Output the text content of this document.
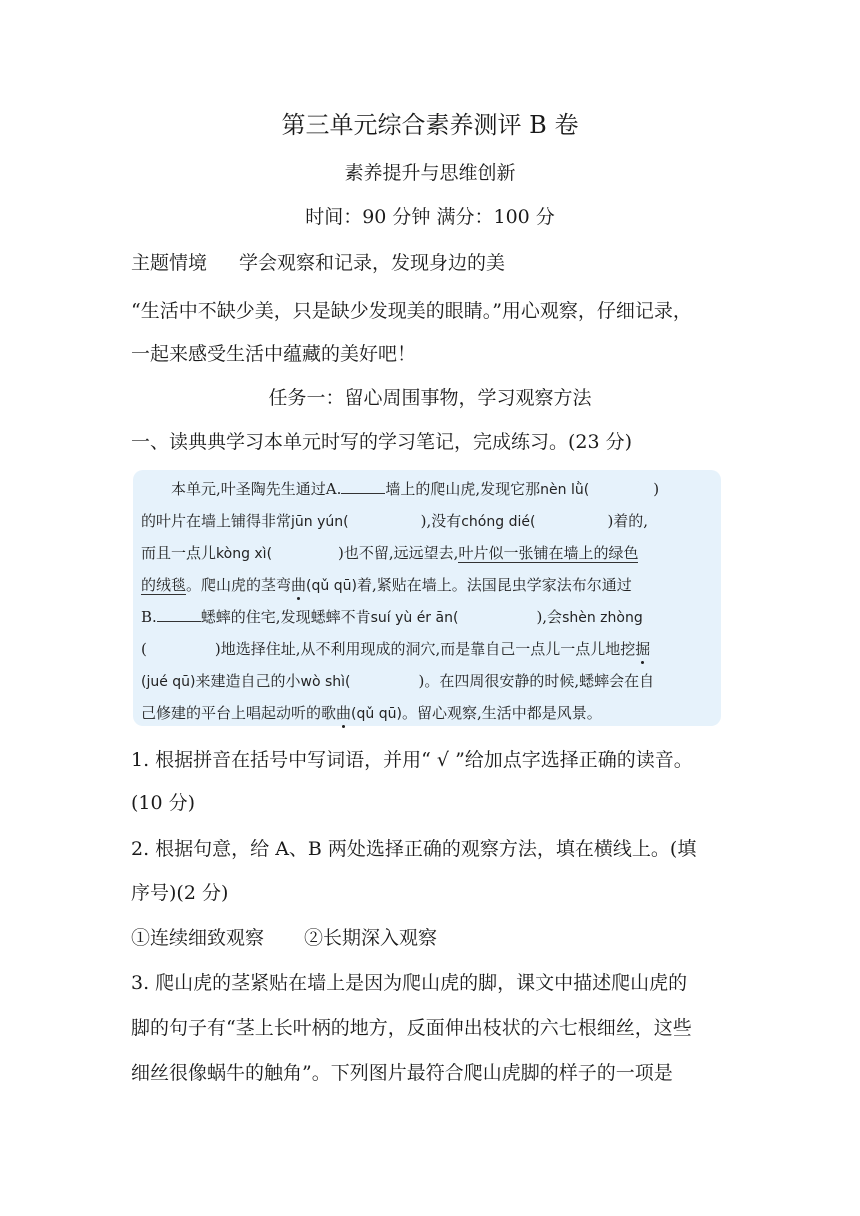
第三单元综合素养测评 B 卷
素养提升与思维创新
时间：90 分钟 满分：100 分
主题情境 学会观察和记录，发现身边的美
“生活中不缺少美，只是缺少发现美的眼睛。”用心观察，仔细记录，
一起来感受生活中蕴藏的美好吧！
任务一：留心周围事物，学习观察方法
一、读典典学习本单元时写的学习笔记，完成练习。(23 分)
本单元,叶圣陶先生通过A.	墙上的爬山虎,发现它那nèn lǜ(	)
的叶片在墙上铺得非常jūn yún(	),没有chóng dié(	)着的,
而且一点儿kòng xì(	)也不留,远远望去,叶片似一张铺在墙上的绿色
的绒毯。爬山虎的茎弯曲(qǔ qū)着,紧贴在墙上。法国昆虫学家法布尔通过
B.	蟋蟀的住宅,发现蟋蟀不肯suí yù ér ān(	),会shèn zhòng
(	)地选择住址,从不利用现成的洞穴,而是靠自己一点儿一点儿地挖掘
(jué qū)来建造自己的小wò shì(	)。在四周很安静的时候,蟋蟀会在自
己修建的平台上唱起动听的歌曲(qǔ qū)。留心观察,生活中都是风景。
1. 根据拼音在括号中写词语，并用“ √ ”给加点字选择正确的读音。
(10 分)
2. 根据句意，给 A、B 两处选择正确的观察方法，填在横线上。(填
序号)(2 分)
①连续细致观察 ②长期深入观察
3. 爬山虎的茎紧贴在墙上是因为爬山虎的脚，课文中描述爬山虎的
脚的句子有“茎上长叶柄的地方，反面伸出枝状的六七根细丝，这些
细丝很像蜗牛的触角”。下列图片最符合爬山虎脚的样子的一项是
